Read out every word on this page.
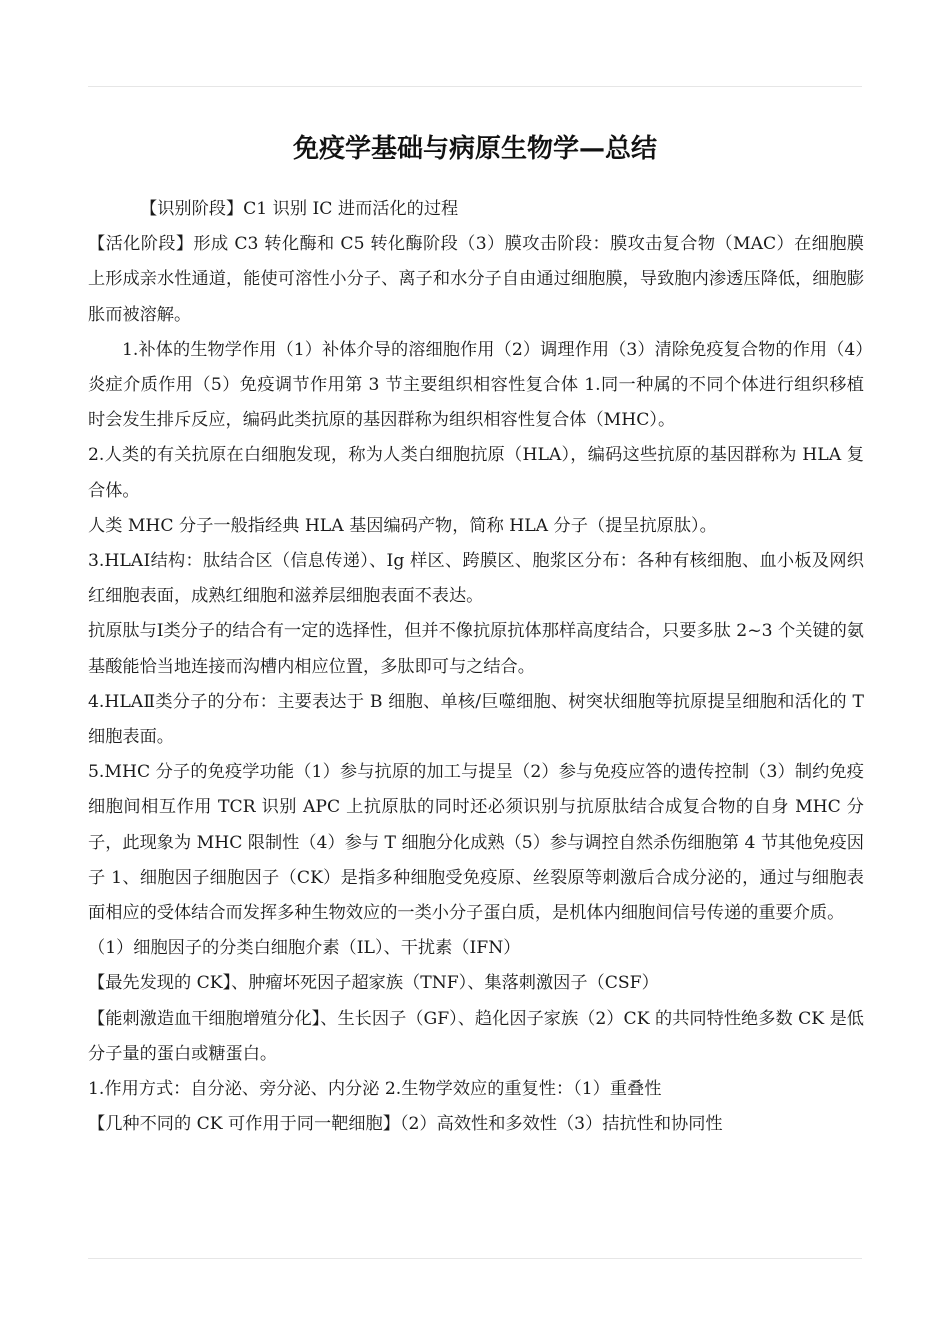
免疫学基础与病原生物学—总结

【识别阶段】C1 识别 IC 进而活化的过程

【活化阶段】形成 C3 转化酶和 C5 转化酶阶段（3）膜攻击阶段：膜攻击复合物（MAC）在细胞膜上形成亲水性通道，能使可溶性小分子、离子和水分子自由通过细胞膜，导致胞内渗透压降低，细胞膨胀而被溶解。

1.补体的生物学作用（1）补体介导的溶细胞作用（2）调理作用（3）清除免疫复合物的作用（4）炎症介质作用（5）免疫调节作用第 3 节主要组织相容性复合体 1.同一种属的不同个体进行组织移植时会发生排斥反应，编码此类抗原的基因群称为组织相容性复合体（MHC）。

2.人类的有关抗原在白细胞发现，称为人类白细胞抗原（HLA），编码这些抗原的基因群称为 HLA 复合体。

人类 MHC 分子一般指经典 HLA 基因编码产物，简称 HLA 分子（提呈抗原肽）。

3.HLAⅠ结构：肽结合区（信息传递）、Ig 样区、跨膜区、胞浆区分布：各种有核细胞、血小板及网织红细胞表面，成熟红细胞和滋养层细胞表面不表达。

抗原肽与Ⅰ类分子的结合有一定的选择性，但并不像抗原抗体那样高度结合，只要多肽 2~3 个关键的氨基酸能恰当地连接而沟槽内相应位置，多肽即可与之结合。

4.HLAⅡ类分子的分布：主要表达于 B 细胞、单核/巨噬细胞、树突状细胞等抗原提呈细胞和活化的 T 细胞表面。

5.MHC 分子的免疫学功能（1）参与抗原的加工与提呈（2）参与免疫应答的遗传控制（3）制约免疫细胞间相互作用 TCR 识别 APC 上抗原肽的同时还必须识别与抗原肽结合成复合物的自身 MHC 分子，此现象为 MHC 限制性（4）参与 T 细胞分化成熟（5）参与调控自然杀伤细胞第 4 节其他免疫因子 1、细胞因子细胞因子（CK）是指多种细胞受免疫原、丝裂原等刺激后合成分泌的，通过与细胞表面相应的受体结合而发挥多种生物效应的一类小分子蛋白质，是机体内细胞间信号传递的重要介质。

（1）细胞因子的分类白细胞介素（IL）、干扰素（IFN）

【最先发现的 CK】、肿瘤坏死因子超家族（TNF）、集落刺激因子（CSF）

【能刺激造血干细胞增殖分化】、生长因子（GF）、趋化因子家族（2）CK 的共同特性绝多数 CK 是低分子量的蛋白或糖蛋白。

1.作用方式：自分泌、旁分泌、内分泌 2.生物学效应的重复性：（1）重叠性

【几种不同的 CK 可作用于同一靶细胞】（2）高效性和多效性（3）拮抗性和协同性
